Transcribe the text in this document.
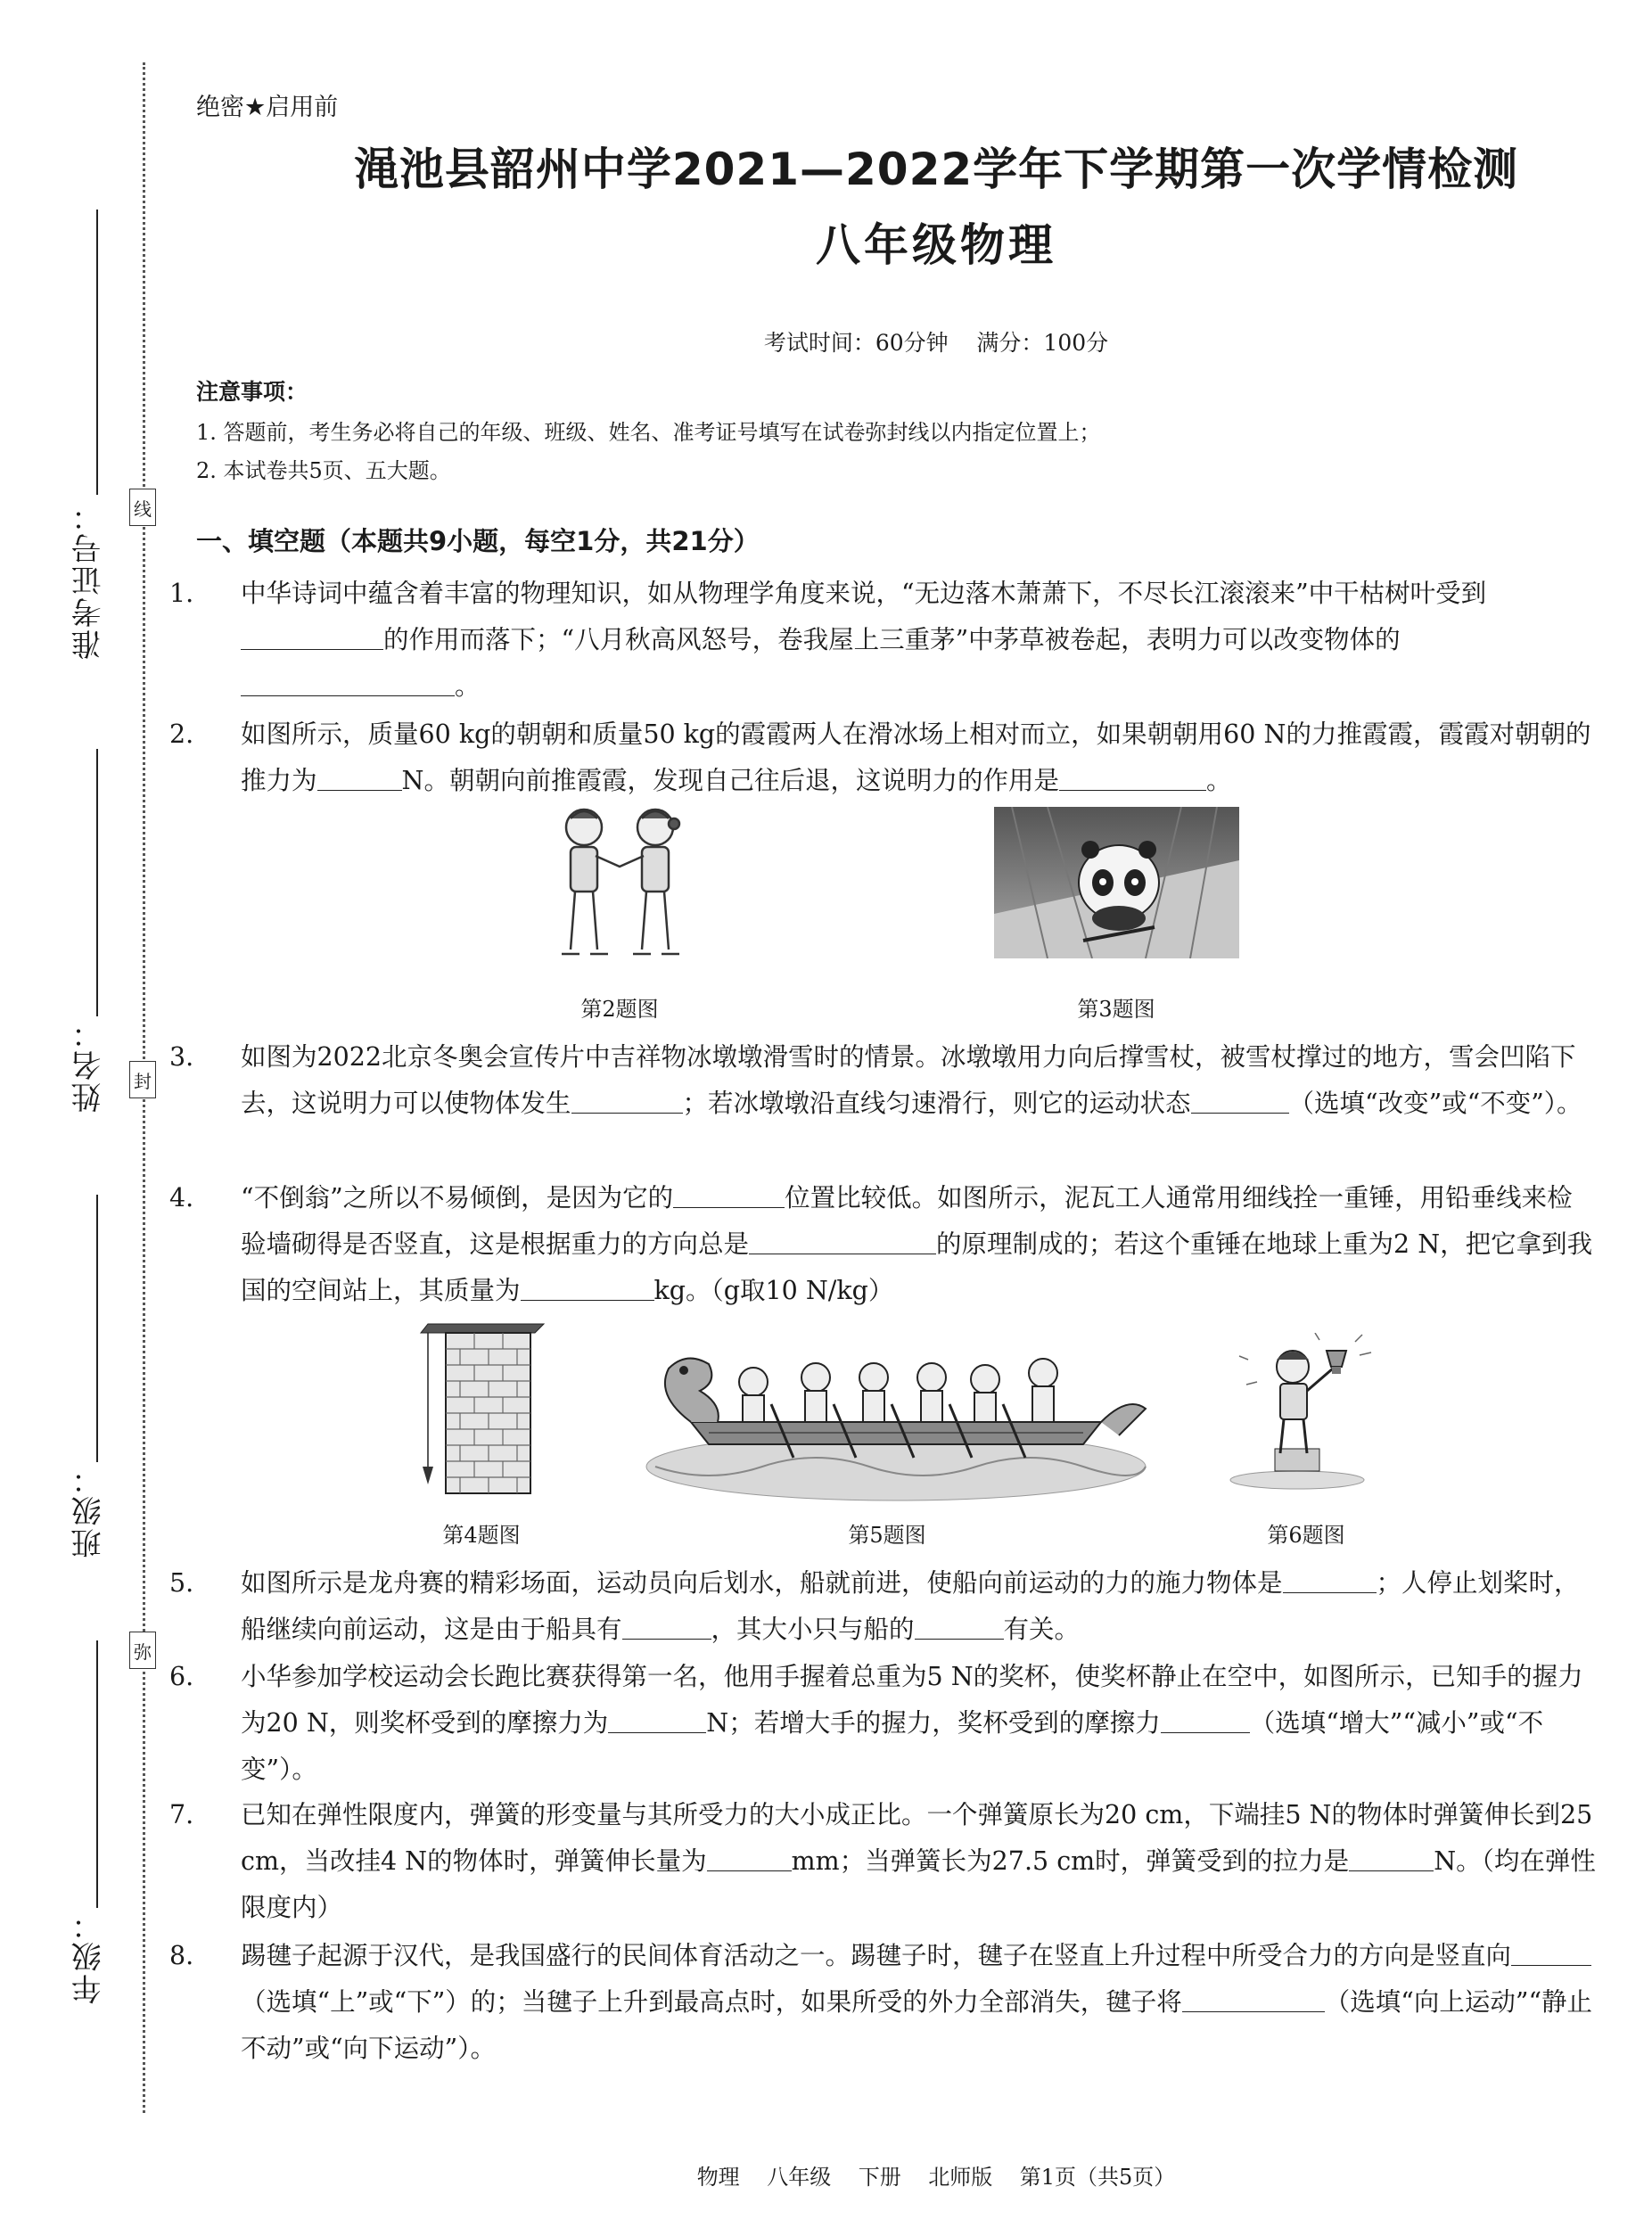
线
封
弥
准考证号：
姓名：
班级：
年级：
绝密★启用前
渑池县韶州中学2021—2022学年下学期第一次学情检测
八年级物理
考试时间：60分钟    满分：100分
注意事项：
1. 答题前，考生务必将自己的年级、班级、姓名、准考证号填写在试卷弥封线以内指定位置上；
2. 本试卷共5页、五大题。
一、填空题（本题共9小题，每空1分，共21分）
1. 中华诗词中蕴含着丰富的物理知识，如从物理学角度来说，“无边落木萧萧下，不尽长江滚滚来”中干枯树叶受到的作用而落下；“八月秋高风怒号，卷我屋上三重茅”中茅草被卷起，表明力可以改变物体的。
2. 如图所示，质量60 kg的朝朝和质量50 kg的霞霞两人在滑冰场上相对而立，如果朝朝用60 N的力推霞霞，霞霞对朝朝的推力为	N。朝朝向前推霞霞，发现自己往后退，这说明力的作用是	。
第2题图	第3题图
3. 如图为2022北京冬奥会宣传片中吉祥物冰墩墩滑雪时的情景。冰墩墩用力向后撑雪杖，被雪杖撑过的地方，雪会凹陷下去，这说明力可以使物体发生	；若冰墩墩沿直线匀速滑行，则它的运动状态	（选填“改变”或“不变”）。
4. “不倒翁”之所以不易倾倒，是因为它的	位置比较低。如图所示，泥瓦工人通常用细线拴一重锤，用铅垂线来检验墙砌得是否竖直，这是根据重力的方向总是	的原理制成的；若这个重锤在地球上重为2 N，把它拿到我国的空间站上，其质量为	kg。（g取10 N/kg）
第4题图	第5题图	第6题图
5. 如图所示是龙舟赛的精彩场面，运动员向后划水，船就前进，使船向前运动的力的施力物体是	；人停止划桨时，船继续向前运动，这是由于船具有	，其大小只与船的	有关。
6. 小华参加学校运动会长跑比赛获得第一名，他用手握着总重为5 N的奖杯，使奖杯静止在空中，如图所示，已知手的握力为20 N，则奖杯受到的摩擦力为	N；若增大手的握力，奖杯受到的摩擦力	（选填“增大”“减小”或“不变”）。
7. 已知在弹性限度内，弹簧的形变量与其所受力的大小成正比。一个弹簧原长为20 cm，下端挂5 N的物体时弹簧伸长到25 cm，当改挂4 N的物体时，弹簧伸长量为	mm；当弹簧长为27.5 cm时，弹簧受到的拉力是	N。（均在弹性限度内）
8. 踢毽子起源于汉代，是我国盛行的民间体育活动之一。踢毽子时，毽子在竖直上升过程中所受合力的方向是竖直向（选填“上”或“下”）的；当毽子上升到最高点时，如果所受的外力全部消失，毽子将	（选填“向上运动”“静止不动”或“向下运动”）。
物理    八年级    下册    北师版    第1页（共5页）
